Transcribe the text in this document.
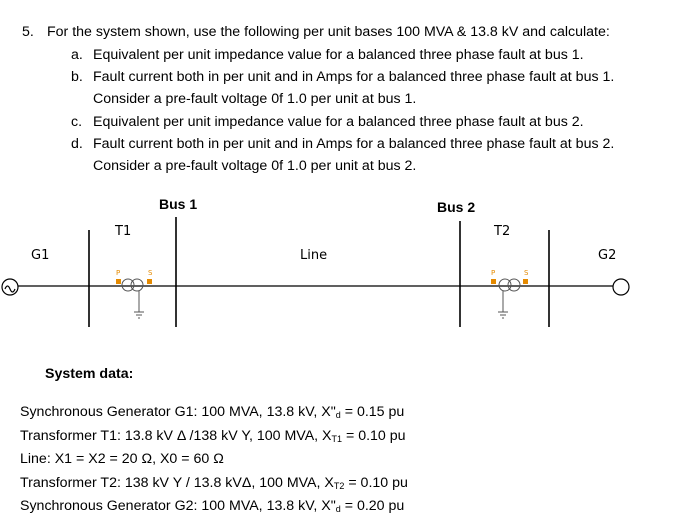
5. For the system shown, use the following per unit bases 100 MVA & 13.8 kV and calculate:
a. Equivalent per unit impedance value for a balanced three phase fault at bus 1.
b. Fault current both in per unit and in Amps for a balanced three phase fault at bus 1.
Consider a pre-fault voltage 0f 1.0 per unit at bus 1.
c. Equivalent per unit impedance value for a balanced three phase fault at bus 2.
d. Fault current both in per unit and in Amps for a balanced three phase fault at bus 2.
Consider a pre-fault voltage 0f 1.0 per unit at bus 2.
Bus 1	Bus 2
T1	T2
G1	G2
Line
P	S	P	S
System data:
Synchronous Generator G1: 100 MVA, 13.8 kV, $X"_d = 0.15$ pu
Transformer T1: 13.8 kV Δ /138 kV Y, 100 MVA, $X_{T1} = 0.10$ pu
Line: X1 = X2 = 20 Ω, X0 = 60 Ω
Transformer T2: 138 kV Y / 13.8 kVΔ, 100 MVA, $X_{T2} = 0.10$ pu
Synchronous Generator G2: 100 MVA, 13.8 kV, $X"_d = 0.20$ pu
